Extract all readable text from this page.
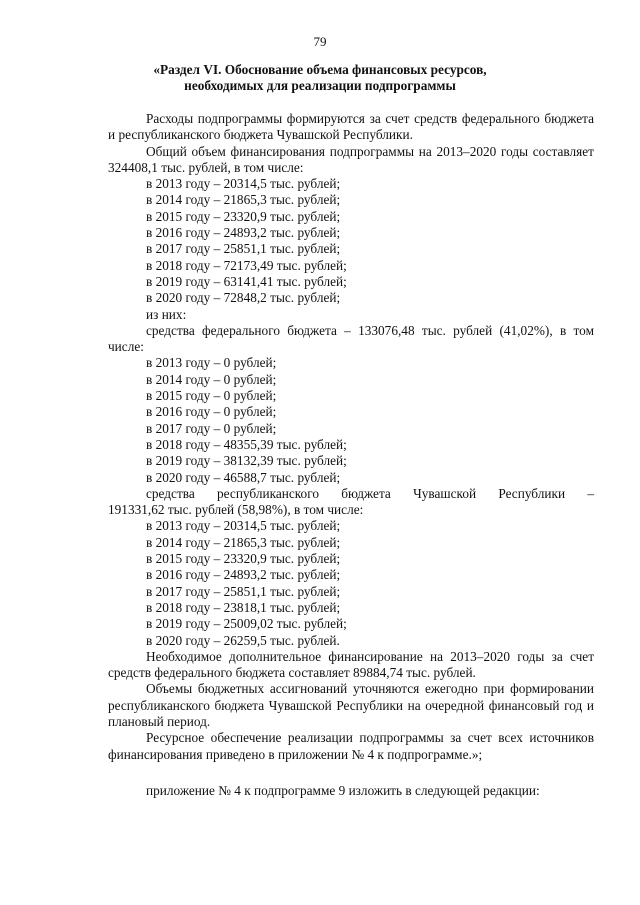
79
«Раздел VI. Обоснование объема финансовых ресурсов,
необходимых для реализации подпрограммы

Расходы подпрограммы формируются за счет средств федерального бюджета и республиканского бюджета Чувашской Республики.

Общий объем финансирования подпрограммы на 2013–2020 годы составляет 324408,1 тыс. рублей, в том числе:

в 2013 году – 20314,5 тыс. рублей;
в 2014 году – 21865,3 тыс. рублей;
в 2015 году – 23320,9 тыс. рублей;
в 2016 году – 24893,2 тыс. рублей;
в 2017 году – 25851,1 тыс. рублей;
в 2018 году – 72173,49 тыс. рублей;
в 2019 году – 63141,41 тыс. рублей;
в 2020 году – 72848,2 тыс. рублей;
из них:

средства федерального бюджета – 133076,48 тыс. рублей (41,02%), в том числе:

в 2013 году – 0 рублей;
в 2014 году – 0 рублей;
в 2015 году – 0 рублей;
в 2016 году – 0 рублей;
в 2017 году – 0 рублей;
в 2018 году – 48355,39 тыс. рублей;
в 2019 году – 38132,39 тыс. рублей;
в 2020 году – 46588,7 тыс. рублей;
средства республиканского бюджета Чувашской Республики –
191331,62 тыс. рублей (58,98%), в том числе:
в 2013 году – 20314,5 тыс. рублей;
в 2014 году – 21865,3 тыс. рублей;
в 2015 году – 23320,9 тыс. рублей;
в 2016 году – 24893,2 тыс. рублей;
в 2017 году – 25851,1 тыс. рублей;
в 2018 году – 23818,1 тыс. рублей;
в 2019 году – 25009,02 тыс. рублей;
в 2020 году – 26259,5 тыс. рублей.

Необходимое дополнительное финансирование на 2013–2020 годы за счет средств федерального бюджета составляет 89884,74 тыс. рублей.

Объемы бюджетных ассигнований уточняются ежегодно при формировании республиканского бюджета Чувашской Республики на очередной финансовый год и плановый период.

Ресурсное обеспечение реализации подпрограммы за счет всех источников финансирования приведено в приложении № 4 к подпрограмме.»;

приложение № 4 к подпрограмме 9 изложить в следующей редакции:
